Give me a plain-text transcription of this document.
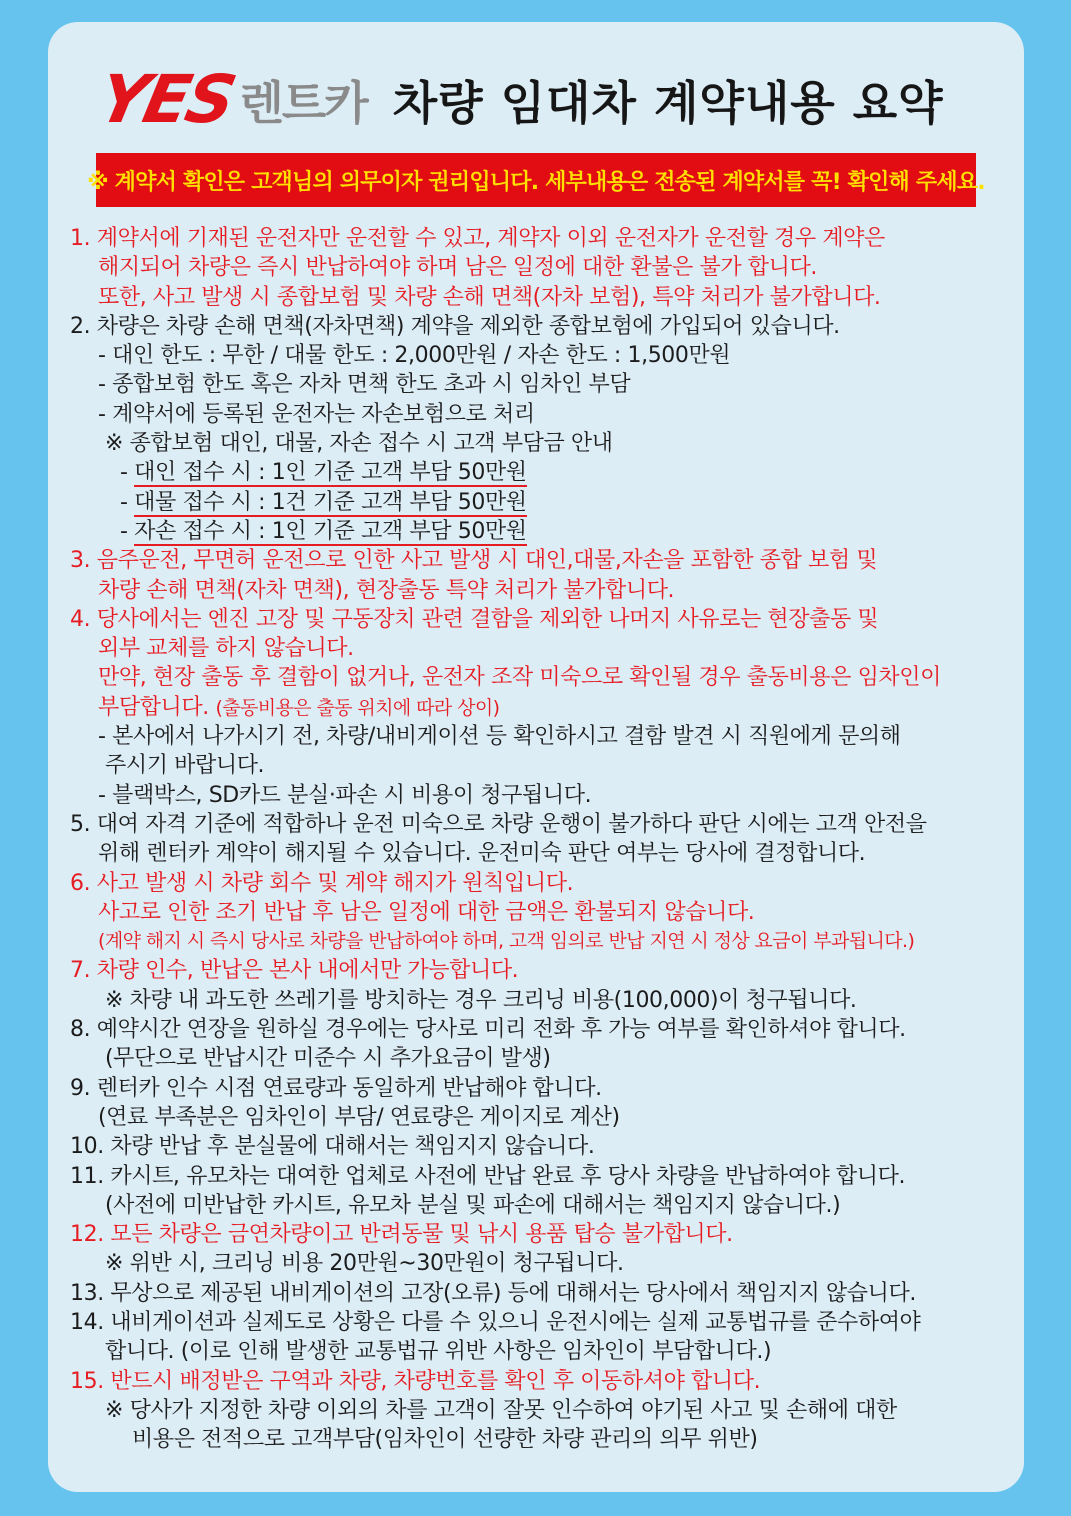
YES 렌트카 차량 임대차 계약내용 요약
※ 계약서 확인은 고객님의 의무이자 권리입니다. 세부내용은 전송된 계약서를 꼭! 확인해 주세요.
1. 계약서에 기재된 운전자만 운전할 수 있고, 계약자 이외 운전자가 운전할 경우 계약은
해지되어 차량은 즉시 반납하여야 하며 남은 일정에 대한 환불은 불가 합니다.
또한, 사고 발생 시 종합보험 및 차량 손해 면책(자차 보험), 특약 처리가 불가합니다.
2. 차량은 차량 손해 면책(자차면책) 계약을 제외한 종합보험에 가입되어 있습니다.
- 대인 한도 : 무한 / 대물 한도 : 2,000만원 / 자손 한도 : 1,500만원
- 종합보험 한도 혹은 자차 면책 한도 초과 시 임차인 부담
- 계약서에 등록된 운전자는 자손보험으로 처리
※ 종합보험 대인, 대물, 자손 접수 시 고객 부담금 안내
- 대인 접수 시 : 1인 기준 고객 부담 50만원
- 대물 접수 시 : 1건 기준 고객 부담 50만원
- 자손 접수 시 : 1인 기준 고객 부담 50만원
3. 음주운전, 무면허 운전으로 인한 사고 발생 시 대인,대물,자손을 포함한 종합 보험 및
차량 손해 면책(자차 면책), 현장출동 특약 처리가 불가합니다.
4. 당사에서는 엔진 고장 및 구동장치 관련 결함을 제외한 나머지 사유로는 현장출동 및
외부 교체를 하지 않습니다.
만약, 현장 출동 후 결함이 없거나, 운전자 조작 미숙으로 확인될 경우 출동비용은 임차인이
부담합니다. (출동비용은 출동 위치에 따라 상이)
- 본사에서 나가시기 전, 차량/내비게이션 등 확인하시고 결함 발견 시 직원에게 문의해
주시기 바랍니다.
- 블랙박스, SD카드 분실·파손 시 비용이 청구됩니다.
5. 대여 자격 기준에 적합하나 운전 미숙으로 차량 운행이 불가하다 판단 시에는 고객 안전을
위해 렌터카 계약이 해지될 수 있습니다. 운전미숙 판단 여부는 당사에 결정합니다.
6. 사고 발생 시 차량 회수 및 계약 해지가 원칙입니다.
사고로 인한 조기 반납 후 남은 일정에 대한 금액은 환불되지 않습니다.
(계약 해지 시 즉시 당사로 차량을 반납하여야 하며, 고객 임의로 반납 지연 시 정상 요금이 부과됩니다.)
7. 차량 인수, 반납은 본사 내에서만 가능합니다.
※ 차량 내 과도한 쓰레기를 방치하는 경우 크리닝 비용(100,000)이 청구됩니다.
8. 예약시간 연장을 원하실 경우에는 당사로 미리 전화 후 가능 여부를 확인하셔야 합니다.
(무단으로 반납시간 미준수 시 추가요금이 발생)
9. 렌터카 인수 시점 연료량과 동일하게 반납해야 합니다.
(연료 부족분은 임차인이 부담/ 연료량은 게이지로 계산)
10. 차량 반납 후 분실물에 대해서는 책임지지 않습니다.
11. 카시트, 유모차는 대여한 업체로 사전에 반납 완료 후 당사 차량을 반납하여야 합니다.
(사전에 미반납한 카시트, 유모차 분실 및 파손에 대해서는 책임지지 않습니다.)
12. 모든 차량은 금연차량이고 반려동물 및 낚시 용품 탑승 불가합니다.
※ 위반 시, 크리닝 비용 20만원~30만원이 청구됩니다.
13. 무상으로 제공된 내비게이션의 고장(오류) 등에 대해서는 당사에서 책임지지 않습니다.
14. 내비게이션과 실제도로 상황은 다를 수 있으니 운전시에는 실제 교통법규를 준수하여야
합니다. (이로 인해 발생한 교통법규 위반 사항은 임차인이 부담합니다.)
15. 반드시 배정받은 구역과 차량, 차량번호를 확인 후 이동하셔야 합니다.
※ 당사가 지정한 차량 이외의 차를 고객이 잘못 인수하여 야기된 사고 및 손해에 대한
비용은 전적으로 고객부담(임차인이 선량한 차량 관리의 의무 위반)
